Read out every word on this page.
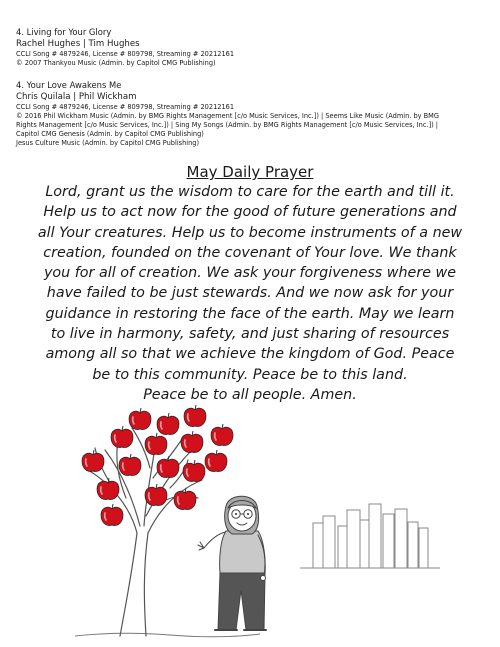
4. Living for Your Glory
Rachel Hughes | Tim Hughes
CCLI Song # 4879246, License # 809798, Streaming # 20212161
© 2007 Thankyou Music (Admin. by Capitol CMG Publishing)
4. Your Love Awakens Me
Chris Quilala | Phil Wickham
CCLI Song # 4879246, License # 809798, Streaming # 20212161
© 2016 Phil Wickham Music (Admin. by BMG Rights Management [c/o Music Services, Inc.]) | Seems Like Music (Admin. by BMG
Rights Management [c/o Music Services, Inc.]) | Sing My Songs (Admin. by BMG Rights Management [c/o Music Services, Inc.]) |
Capitol CMG Genesis (Admin. by Capitol CMG Publishing)
Jesus Culture Music (Admin. by Capitol CMG Publishing)
May Daily Prayer
Lord, grant us the wisdom to care for the earth and till it.
Help us to act now for the good of future generations and
all Your creatures. Help us to become instruments of a new
creation, founded on the covenant of Your love. We thank
you for all of creation. We ask your forgiveness where we
have failed to be just stewards. And we now ask for your
guidance in restoring the face of the earth. May we learn
to live in harmony, safety, and just sharing of resources
among all so that we achieve the kingdom of God. Peace
be to this community. Peace be to this land.
Peace be to all people. Amen.
